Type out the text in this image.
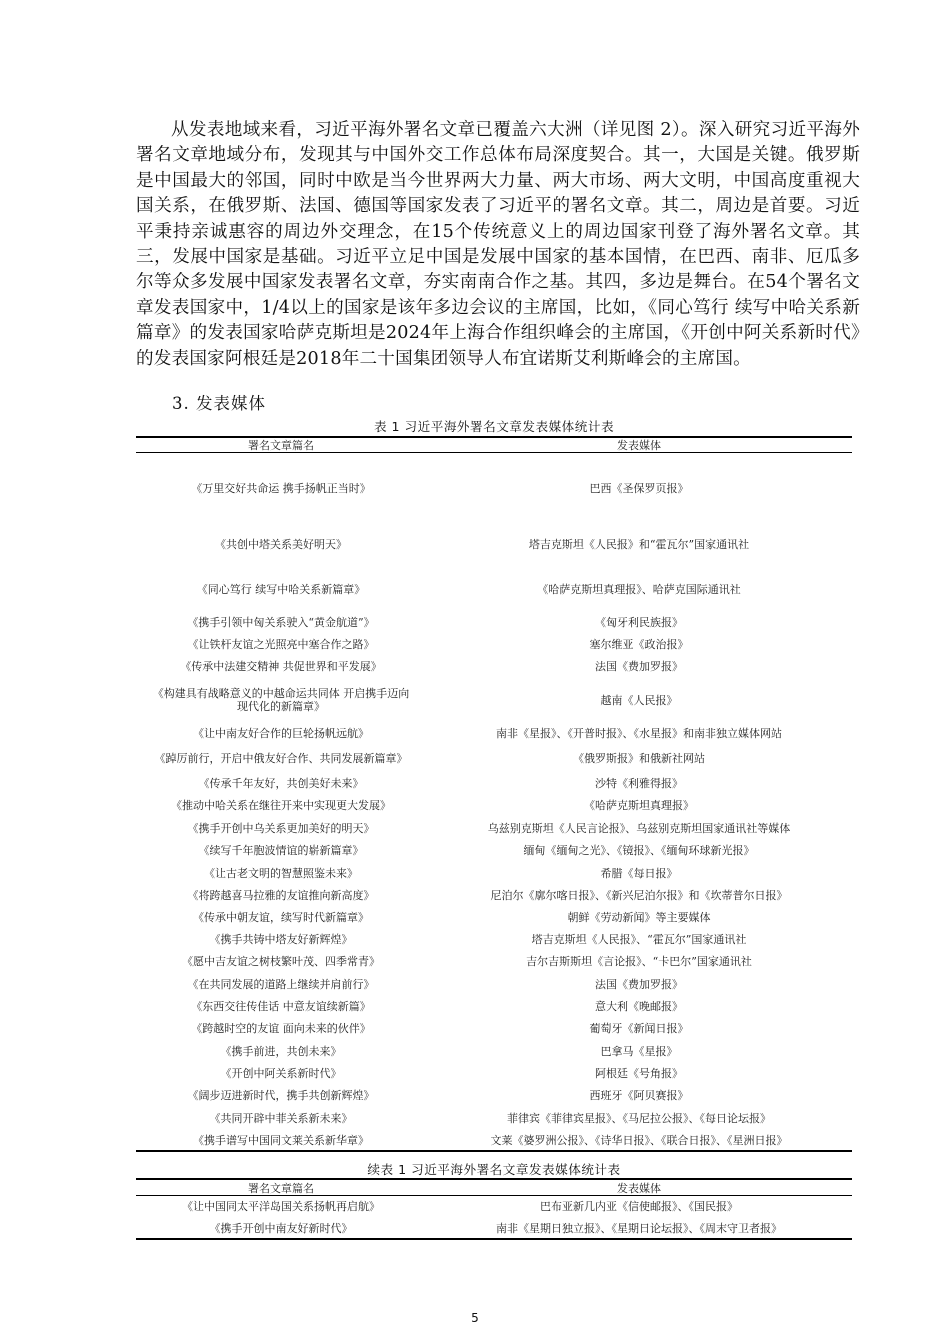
从发表地域来看，习近平海外署名文章已覆盖六大洲（详见图 2）。深入研究习近平海外署名文章地域分布，发现其与中国外交工作总体布局深度契合。其一，大国是关键。俄罗斯是中国最大的邻国，同时中欧是当今世界两大力量、两大市场、两大文明，中国高度重视大国关系，在俄罗斯、法国、德国等国家发表了习近平的署名文章。其二，周边是首要。习近平秉持亲诚惠容的周边外交理念，在15个传统意义上的周边国家刊登了海外署名文章。其三，发展中国家是基础。习近平立足中国是发展中国家的基本国情，在巴西、南非、厄瓜多尔等众多发展中国家发表署名文章，夯实南南合作之基。其四，多边是舞台。在54个署名文章发表国家中，1/4以上的国家是该年多边会议的主席国，比如，《同心笃行 续写中哈关系新篇章》的发表国家哈萨克斯坦是2024年上海合作组织峰会的主席国，《开创中阿关系新时代》的发表国家阿根廷是2018年二十国集团领导人布宜诺斯艾利斯峰会的主席国。

3. 发表媒体
表 1 习近平海外署名文章发表媒体统计表
署名文章篇名	发表媒体
《万里交好共命运 携手扬帆正当时》	巴西《圣保罗页报》
《共创中塔关系美好明天》	塔吉克斯坦《人民报》和“霍瓦尔”国家通讯社
《同心笃行 续写中哈关系新篇章》	《哈萨克斯坦真理报》、哈萨克国际通讯社
《携手引领中匈关系驶入“黄金航道”》	《匈牙利民族报》
《让铁杆友谊之光照亮中塞合作之路》	塞尔维亚《政治报》
《传承中法建交精神 共促世界和平发展》	法国《费加罗报》
《构建具有战略意义的中越命运共同体 开启携手迈向现代化的新篇章》	越南《人民报》
《让中南友好合作的巨轮扬帆远航》	南非《星报》、《开普时报》、《水星报》和南非独立媒体网站
《踔厉前行，开启中俄友好合作、共同发展新篇章》	《俄罗斯报》和俄新社网站
《传承千年友好，共创美好未来》	沙特《利雅得报》
《推动中哈关系在继往开来中实现更大发展》	《哈萨克斯坦真理报》
《携手开创中乌关系更加美好的明天》	乌兹别克斯坦《人民言论报》、乌兹别克斯坦国家通讯社等媒体
《续写千年胞波情谊的崭新篇章》	缅甸《缅甸之光》、《镜报》、《缅甸环球新光报》
《让古老文明的智慧照鉴未来》	希腊《每日报》
《将跨越喜马拉雅的友谊推向新高度》	尼泊尔《廓尔喀日报》、《新兴尼泊尔报》和《坎蒂普尔日报》
《传承中朝友谊，续写时代新篇章》	朝鲜《劳动新闻》等主要媒体
《携手共铸中塔友好新辉煌》	塔吉克斯坦《人民报》、“霍瓦尔”国家通讯社
《愿中吉友谊之树枝繁叶茂、四季常青》	吉尔吉斯斯坦《言论报》、“卡巴尔”国家通讯社
《在共同发展的道路上继续并肩前行》	法国《费加罗报》
《东西交往传佳话 中意友谊续新篇》	意大利《晚邮报》
《跨越时空的友谊 面向未来的伙伴》	葡萄牙《新闻日报》
《携手前进，共创未来》	巴拿马《星报》
《开创中阿关系新时代》	阿根廷《号角报》
《阔步迈进新时代，携手共创新辉煌》	西班牙《阿贝赛报》
《共同开辟中菲关系新未来》	菲律宾《菲律宾星报》、《马尼拉公报》、《每日论坛报》
《携手谱写中国同文莱关系新华章》	文莱《婆罗洲公报》、《诗华日报》、《联合日报》、《星洲日报》
续表 1 习近平海外署名文章发表媒体统计表
署名文章篇名	发表媒体
《让中国同太平洋岛国关系扬帆再启航》	巴布亚新几内亚《信使邮报》、《国民报》
《携手开创中南友好新时代》	南非《星期日独立报》、《星期日论坛报》、《周末守卫者报》
5
